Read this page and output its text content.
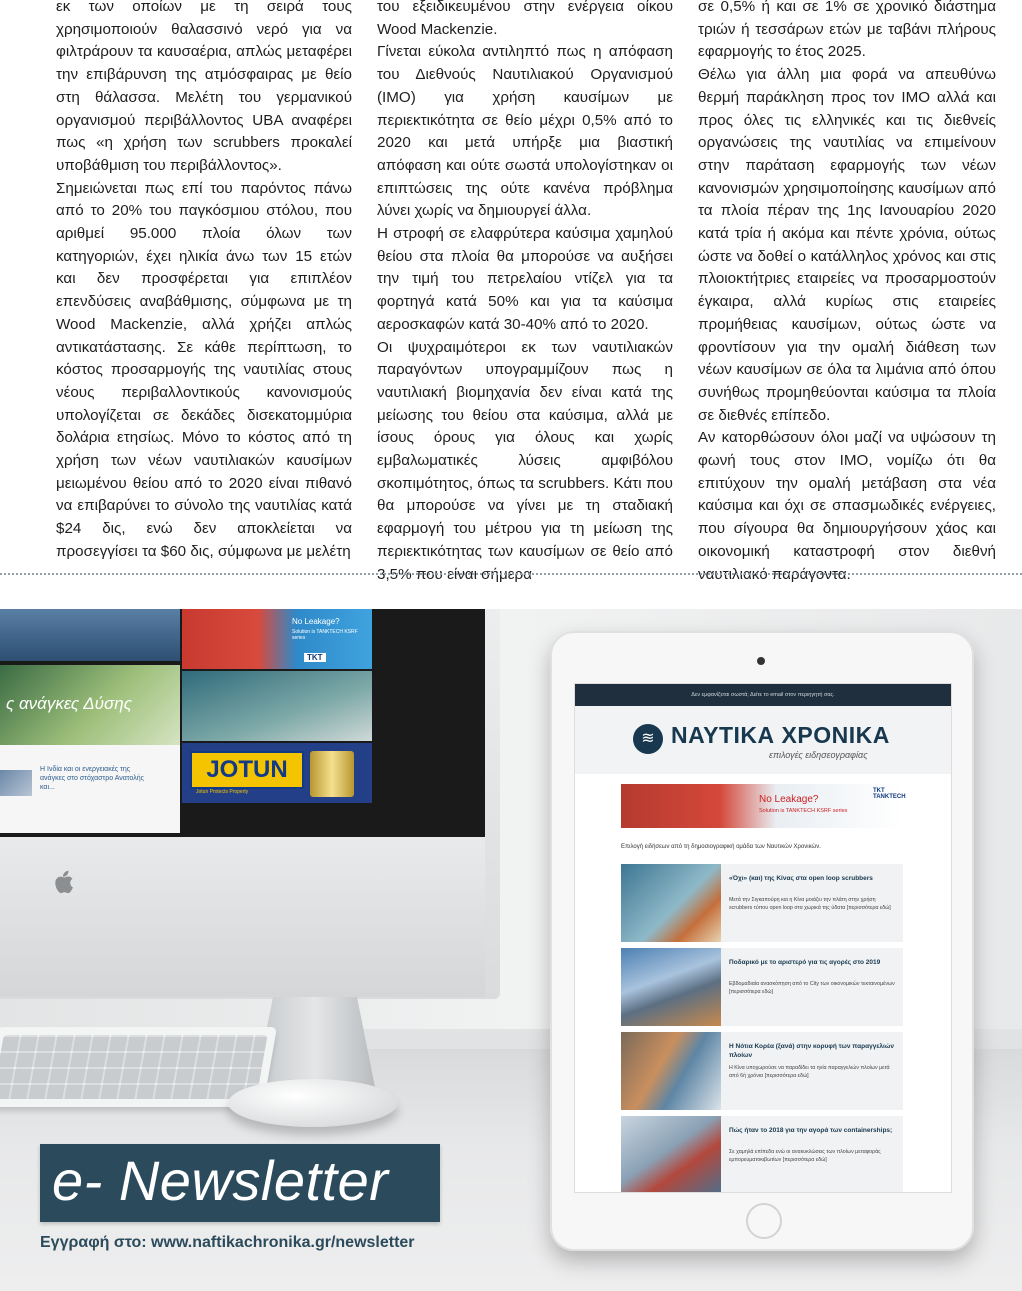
εκ των οποίων με τη σειρά τους χρησιμοποιούν θαλασσινό νερό για να φιλτράρουν τα καυσαέρια, απλώς μεταφέρει την επιβάρυνση της ατμόσφαιρας με θείο στη θάλασσα. Μελέτη του γερμανικού οργανισμού περιβάλλοντος UBA αναφέρει πως «η χρήση των scrubbers προκαλεί υποβάθμιση του περιβάλλοντος».

Σημειώνεται πως επί του παρόντος πάνω από το 20% του παγκόσμιου στόλου, που αριθμεί 95.000 πλοία όλων των κατηγοριών, έχει ηλικία άνω των 15 ετών και δεν προσφέρεται για επιπλέον επενδύσεις αναβάθμισης, σύμφωνα με τη Wood Mackenzie, αλλά χρήζει απλώς αντικατάστασης. Σε κάθε περίπτωση, το κόστος προσαρμογής της ναυτιλίας στους νέους περιβαλλοντικούς κανονισμούς υπολογίζεται σε δεκάδες δισεκατομμύρια δολάρια ετησίως. Μόνο το κόστος από τη χρήση των νέων ναυτιλιακών καυσίμων μειωμένου θείου από το 2020 είναι πιθανό να επιβαρύνει το σύνολο της ναυτιλίας κατά $24 δις, ενώ δεν αποκλείεται να προσεγγίσει τα $60 δις, σύμφωνα με μελέτη

του εξειδικευμένου στην ενέργεια οίκου Wood Mackenzie.

Γίνεται εύκολα αντιληπτό πως η απόφαση του Διεθνούς Ναυτιλιακού Οργανισμού (ΙΜΟ) για χρήση καυσίμων με περιεκτικότητα σε θείο μέχρι 0,5% από το 2020 και μετά υπήρξε μια βιαστική απόφαση και ούτε σωστά υπολογίστηκαν οι επιπτώσεις της ούτε κανένα πρόβλημα λύνει χωρίς να δημιουργεί άλλα.

Η στροφή σε ελαφρύτερα καύσιμα χαμηλού θείου στα πλοία θα μπορούσε να αυξήσει την τιμή του πετρελαίου ντίζελ για τα φορτηγά κατά 50% και για τα καύσιμα αεροσκαφών κατά 30-40% από το 2020.

Οι ψυχραιμότεροι εκ των ναυτιλιακών παραγόντων υπογραμμίζουν πως η ναυτιλιακή βιομηχανία δεν είναι κατά της μείωσης του θείου στα καύσιμα, αλλά με ίσους όρους για όλους και χωρίς εμβαλωματικές λύσεις αμφιβόλου σκοπιμότητος, όπως τα scrubbers. Κάτι που θα μπορούσε να γίνει με τη σταδιακή εφαρμογή του μέτρου για τη μείωση της περιεκτικότητας των καυσίμων σε θείο από 3,5% που είναι σήμερα

σε 0,5% ή και σε 1% σε χρονικό διάστημα τριών ή τεσσάρων ετών με ταβάνι πλήρους εφαρμογής το έτος 2025.

Θέλω για άλλη μια φορά να απευθύνω θερμή παράκληση προς τον ΙΜΟ αλλά και προς όλες τις ελληνικές και τις διεθνείς οργανώσεις της ναυτιλίας να επιμείνουν στην παράταση εφαρμογής των νέων κανονισμών χρησιμοποίησης καυσίμων από τα πλοία πέραν της 1ης Ιανουαρίου 2020 κατά τρία ή ακόμα και πέντε χρόνια, ούτως ώστε να δοθεί ο κατάλληλος χρόνος και στις πλοιοκτήτριες εταιρείες να προσαρμοστούν έγκαιρα, αλλά κυρίως στις εταιρείες προμήθειας καυσίμων, ούτως ώστε να φροντίσουν για την ομαλή διάθεση των νέων καυσίμων σε όλα τα λιμάνια από όπου συνήθως προμηθεύονται καύσιμα τα πλοία σε διεθνές επίπεδο.

Αν κατορθώσουν όλοι μαζί να υψώσουν τη φωνή τους στον ΙΜΟ, νομίζω ότι θα επιτύχουν την ομαλή μετάβαση στα νέα καύσιμα και όχι σε σπασμωδικές ενέργειες, που σίγουρα θα δημιουργήσουν χάος και οικονομική καταστροφή στον διεθνή ναυτιλιακό παράγοντα.

No Leakage?
Solution is TANKTECH KSRF series
TKT
ς ανάγκες Δύσης
Η Ινδία και οι ενεργειακές της ανάγκες στο στόχαστρο Ανατολής και...
JOTUN
Jotun Protects Property
Δεν εμφανίζεται σωστά; Δείτε το email στον περιηγητή σας.
≋ ΝΑΥΤΙΚΑ ΧΡΟΝΙΚΑ
επιλογές ειδησεογραφίας
No Leakage?
Solution is TANKTECH KSRF series
TKT TANKTECH
Επιλογή ειδήσεων από τη δημοσιογραφική ομάδα των Ναυτικών Χρονικών.
«Όχι» (και) της Κίνας στα open loop scrubbers
Μετά την Σιγκαπούρη και η Κίνα μοιάζει την πλάτη στην χρήση scrubbers τύπου open loop στα χωρικά της ύδατα [περισσότερα εδώ]
Ποδαρικό με το αριστερό για τις αγορές στο 2019
Εβδομαδιαία ανασκόπηση από το City των οικονομικών τεκταινομένων [περισσότερα εδώ]
Η Νότια Κορέα (ξανά) στην κορυφή των παραγγελιών πλοίων
Η Κίνα υποχωρούσε να παραδίδει τα ηνία παραγγελιών πλοίων μετά από 6ή χρόνια [περισσότερα εδώ]
Πώς ήταν το 2018 για την αγορά των containerships;
Σε χαμηλά επίπεδα ενώ οι ανακυκλώσεις των πλοίων μεταφοράς εμπορευματοκιβωτίων [περισσότερα εδώ]
e- Newsletter
Εγγραφή στο: www.naftikachronika.gr/newsletter
